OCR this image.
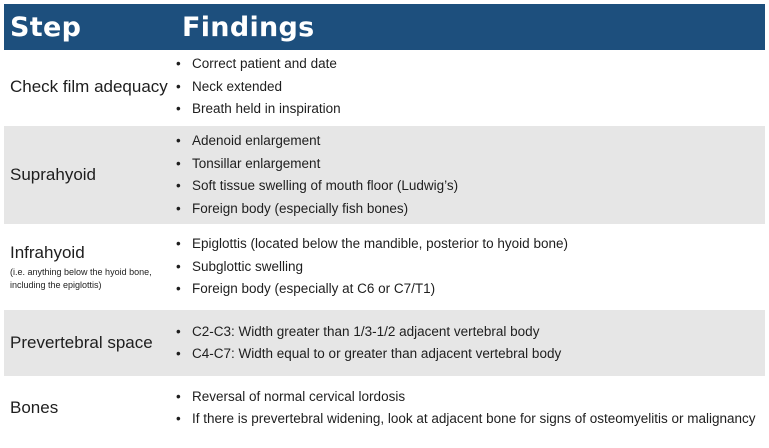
Step	Findings
Check film adequacy
• Correct patient and date
• Neck extended
• Breath held in inspiration
Suprahyoid
• Adenoid enlargement
• Tonsillar enlargement
• Soft tissue swelling of mouth floor (Ludwig’s)
• Foreign body (especially fish bones)
Infrahyoid
(i.e. anything below the hyoid bone, including the epiglottis)
• Epiglottis (located below the mandible, posterior to hyoid bone)
• Subglottic swelling
• Foreign body (especially at C6 or C7/T1)
Prevertebral space
• C2-C3: Width greater than 1/3-1/2 adjacent vertebral body
• C4-C7: Width equal to or greater than adjacent vertebral body
Bones
• Reversal of normal cervical lordosis
• If there is prevertebral widening, look at adjacent bone for signs of osteomyelitis or malignancy
